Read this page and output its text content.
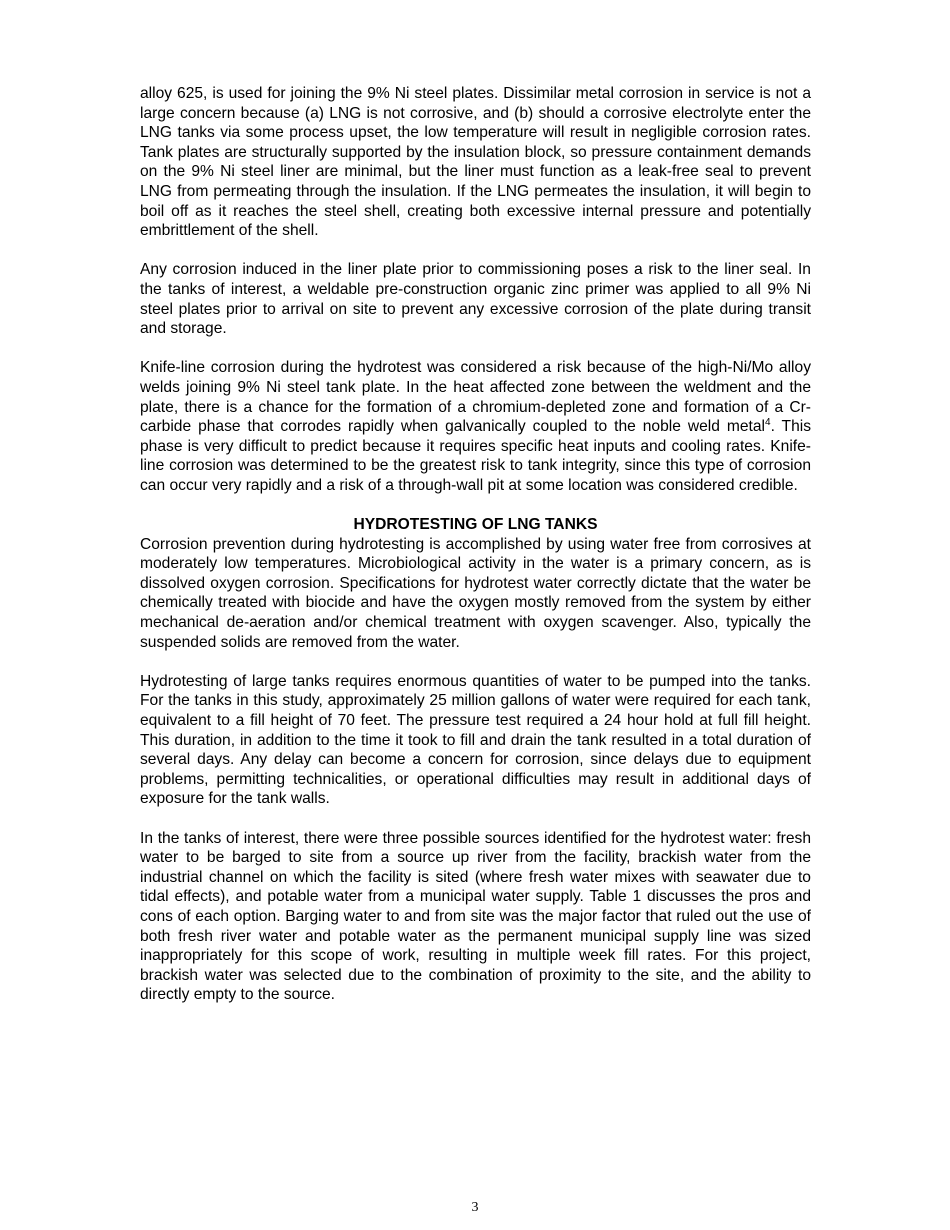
alloy 625, is used for joining the 9% Ni steel plates. Dissimilar metal corrosion in service is not a large concern because (a) LNG is not corrosive, and (b) should a corrosive electrolyte enter the LNG tanks via some process upset, the low temperature will result in negligible corrosion rates. Tank plates are structurally supported by the insulation block, so pressure containment demands on the 9% Ni steel liner are minimal, but the liner must function as a leak-free seal to prevent LNG from permeating through the insulation. If the LNG permeates the insulation, it will begin to boil off as it reaches the steel shell, creating both excessive internal pressure and potentially embrittlement of the shell.

Any corrosion induced in the liner plate prior to commissioning poses a risk to the liner seal. In the tanks of interest, a weldable pre-construction organic zinc primer was applied to all 9% Ni steel plates prior to arrival on site to prevent any excessive corrosion of the plate during transit and storage.

Knife-line corrosion during the hydrotest was considered a risk because of the high-Ni/Mo alloy welds joining 9% Ni steel tank plate. In the heat affected zone between the weldment and the plate, there is a chance for the formation of a chromium-depleted zone and formation of a Cr-carbide phase that corrodes rapidly when galvanically coupled to the noble weld metal$^4$. This phase is very difficult to predict because it requires specific heat inputs and cooling rates. Knife-line corrosion was determined to be the greatest risk to tank integrity, since this type of corrosion can occur very rapidly and a risk of a through-wall pit at some location was considered credible.

HYDROTESTING OF LNG TANKS

Corrosion prevention during hydrotesting is accomplished by using water free from corrosives at moderately low temperatures. Microbiological activity in the water is a primary concern, as is dissolved oxygen corrosion. Specifications for hydrotest water correctly dictate that the water be chemically treated with biocide and have the oxygen mostly removed from the system by either mechanical de-aeration and/or chemical treatment with oxygen scavenger. Also, typically the suspended solids are removed from the water.

Hydrotesting of large tanks requires enormous quantities of water to be pumped into the tanks. For the tanks in this study, approximately 25 million gallons of water were required for each tank, equivalent to a fill height of 70 feet. The pressure test required a 24 hour hold at full fill height. This duration, in addition to the time it took to fill and drain the tank resulted in a total duration of several days. Any delay can become a concern for corrosion, since delays due to equipment problems, permitting technicalities, or operational difficulties may result in additional days of exposure for the tank walls.

In the tanks of interest, there were three possible sources identified for the hydrotest water: fresh water to be barged to site from a source up river from the facility, brackish water from the industrial channel on which the facility is sited (where fresh water mixes with seawater due to tidal effects), and potable water from a municipal water supply. Table 1 discusses the pros and cons of each option. Barging water to and from site was the major factor that ruled out the use of both fresh river water and potable water as the permanent municipal supply line was sized inappropriately for this scope of work, resulting in multiple week fill rates. For this project, brackish water was selected due to the combination of proximity to the site, and the ability to directly empty to the source.

3
